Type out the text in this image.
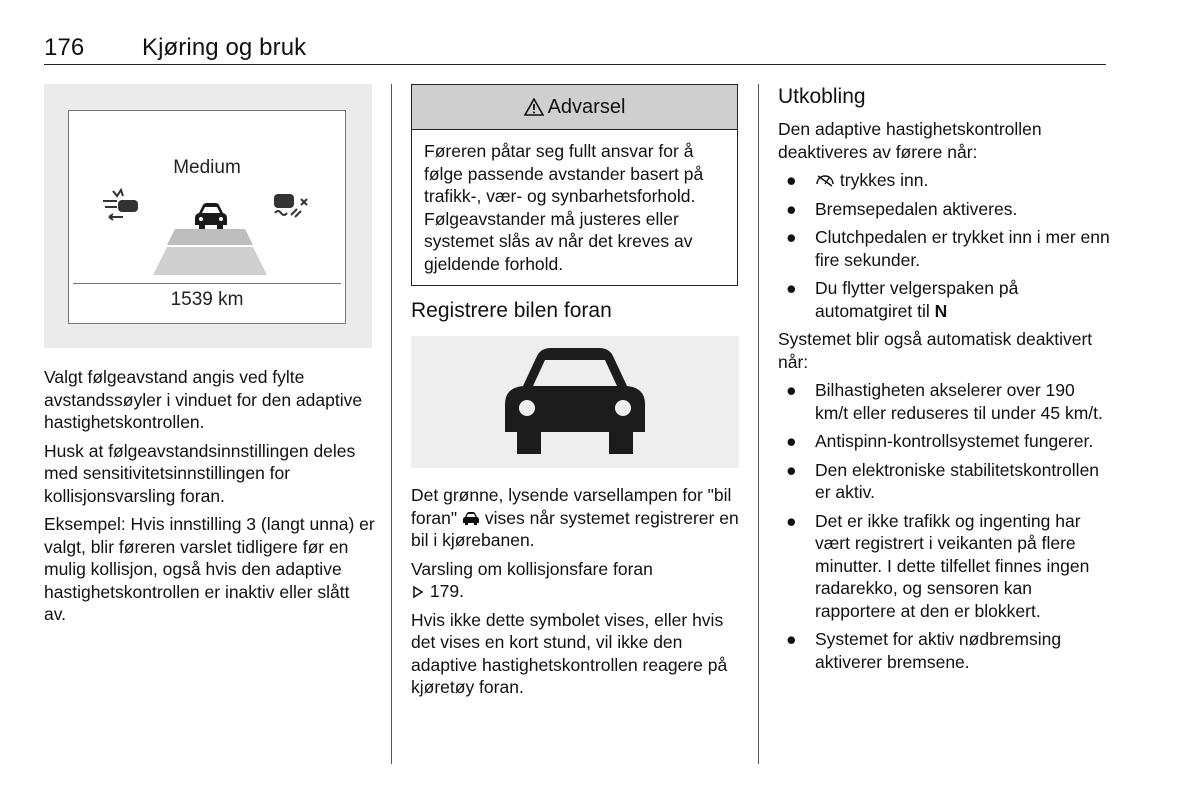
176 Kjøring og bruk
Medium
1539 km

Valgt følgeavstand angis ved fylte avstandssøyler i vinduet for den adaptive hastighetskontrollen.

Husk at følgeavstandsinnstillingen deles med sensitivitetsinnstillingen for kollisjonsvarsling foran.

Eksempel: Hvis innstilling 3 (langt unna) er valgt, blir føreren varslet tidligere før en mulig kollisjon, også hvis den adaptive hastighetskontrollen er inaktiv eller slått av.

Advarsel
Føreren påtar seg fullt ansvar for å følge passende avstander basert på trafikk-, vær- og synbarhetsforhold. Følgeavstander må justeres eller systemet slås av når det kreves av gjeldende forhold.
Registrere bilen foran

Det grønne, lysende varsellampen for "bil foran" vises når systemet registrerer en bil i kjørebanen.

Varsling om kollisjonsfare foran
179.

Hvis ikke dette symbolet vises, eller hvis det vises en kort stund, vil ikke den adaptive hastighetskontrollen reagere på kjøretøy foran.

Utkobling

Den adaptive hastighetskontrollen deaktiveres av førere når:

● trykkes inn.
● Bremsepedalen aktiveres.
● Clutchpedalen er trykket inn i mer enn fire sekunder.
● Du flytter velgerspaken på automatgiret til N

Systemet blir også automatisk deaktivert når:

● Bilhastigheten akselerer over 190 km/t eller reduseres til under 45 km/t.
● Antispinn-kontrollsystemet fungerer.
● Den elektroniske stabilitetskontrollen er aktiv.
● Det er ikke trafikk og ingenting har vært registrert i veikanten på flere minutter. I dette tilfellet finnes ingen radarekko, og sensoren kan rapportere at den er blokkert.
● Systemet for aktiv nødbremsing aktiverer bremsene.
